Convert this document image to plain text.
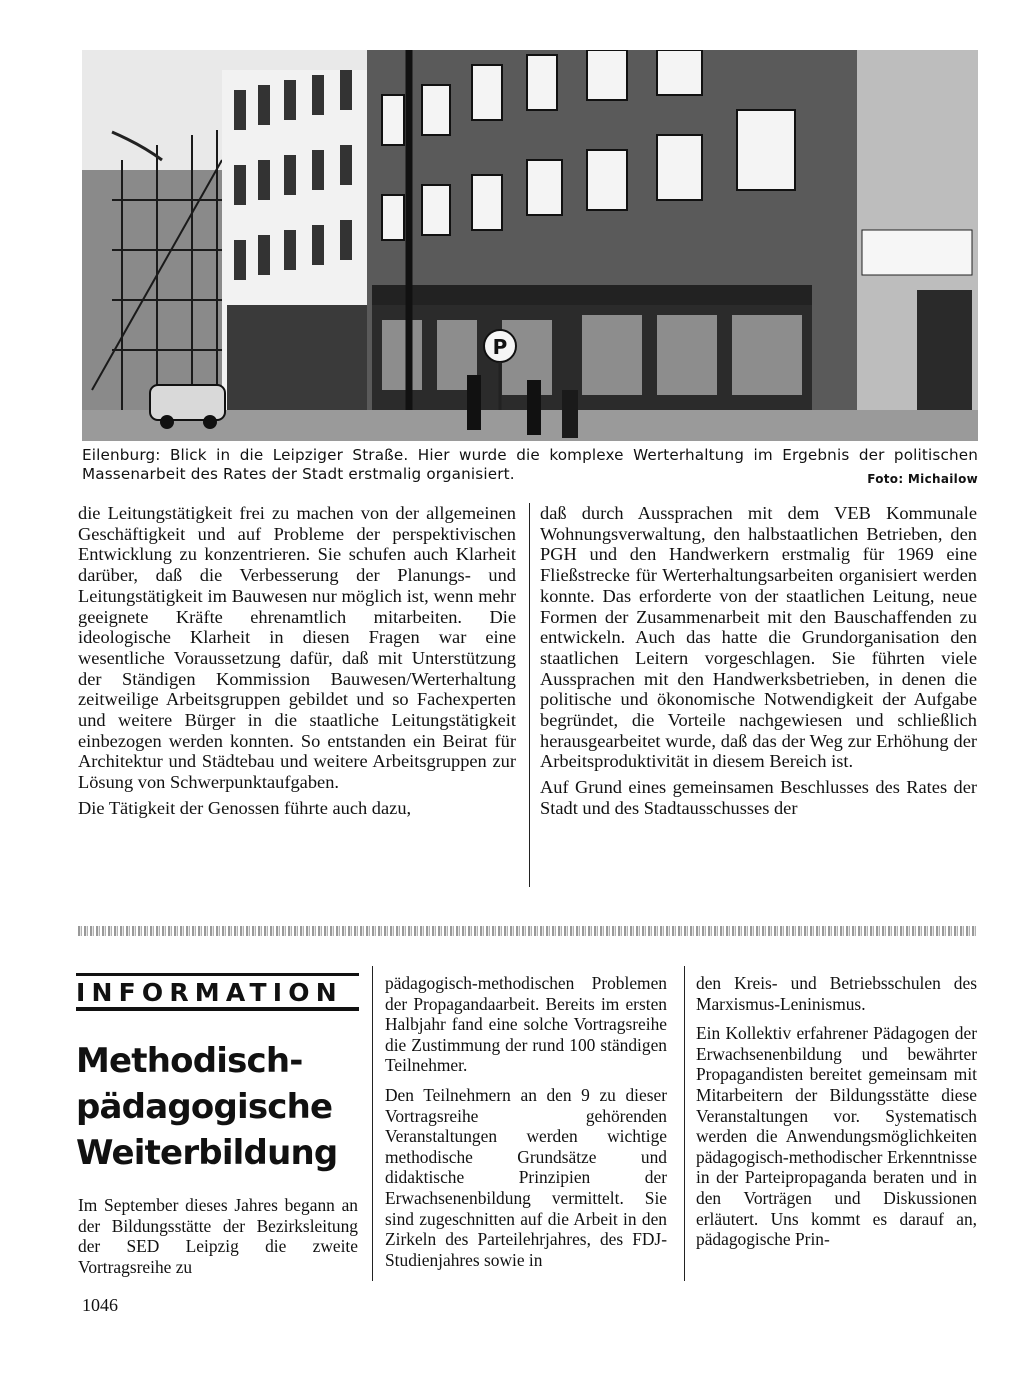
P

Eilenburg: Blick in die Leipziger Straße. Hier wurde die komplexe Werterhaltung im Ergebnis der politischen Massenarbeit des Rates der Stadt erstmalig organisiert.	Foto: Michailow

die Leitungstätigkeit frei zu machen von der allgemeinen Geschäftigkeit und auf Probleme der perspektivischen Entwicklung zu konzentrieren. Sie schufen auch Klarheit darüber, daß die Verbesserung der Planungs- und Leitungstätigkeit im Bauwesen nur möglich ist, wenn mehr geeignete Kräfte ehrenamtlich mitarbeiten. Die ideologische Klarheit in diesen Fragen war eine wesentliche Voraussetzung dafür, daß mit Unterstützung der Ständigen Kommission Bauwesen/Werterhaltung zeitweilige Arbeitsgruppen gebildet und so Fachexperten und weitere Bürger in die staatliche Leitungstätigkeit einbezogen werden konnten. So entstanden ein Beirat für Architektur und Städtebau und weitere Arbeitsgruppen zur Lösung von Schwerpunktaufgaben.

Die Tätigkeit der Genossen führte auch dazu,

daß durch Aussprachen mit dem VEB Kommunale Wohnungsverwaltung, den halbstaatlichen Betrieben, den PGH und den Handwerkern erstmalig für 1969 eine Fließstrecke für Werterhaltungsarbeiten organisiert werden konnte. Das erforderte von der staatlichen Leitung, neue Formen der Zusammenarbeit mit den Bauschaffenden zu entwickeln. Auch das hatte die Grundorganisation den staatlichen Leitern vorgeschlagen. Sie führten viele Aussprachen mit den Handwerksbetrieben, in denen die politische und ökonomische Notwendigkeit der Aufgabe begründet, die Vorteile nachgewiesen und schließlich herausgearbeitet wurde, daß das der Weg zur Erhöhung der Arbeitsproduktivität in diesem Bereich ist.

Auf Grund eines gemeinsamen Beschlusses des Rates der Stadt und des Stadtausschusses der

INFORMATION
Methodisch-
pädagogische
Weiterbildung

Im September dieses Jahres begann an der Bildungsstätte der Bezirksleitung der SED Leipzig die zweite Vortragsreihe zu

pädagogisch-methodischen Problemen der Propagandaarbeit. Bereits im ersten Halbjahr fand eine solche Vortragsreihe die Zustimmung der rund 100 ständigen Teilnehmer.

Den Teilnehmern an den 9 zu dieser Vortragsreihe gehörenden Veranstaltungen werden wichtige methodische Grundsätze und didaktische Prinzipien der Erwachsenenbildung vermittelt. Sie sind zugeschnitten auf die Arbeit in den Zirkeln des Parteilehrjahres, des FDJ-Studienjahres sowie in

den Kreis- und Betriebsschulen des Marxismus-Leninismus.

Ein Kollektiv erfahrener Pädagogen der Erwachsenenbildung und bewährter Propagandisten bereitet gemeinsam mit Mitarbeitern der Bildungsstätte diese Veranstaltungen vor. Systematisch werden die Anwendungsmöglichkeiten pädagogisch-methodischer Erkenntnisse in der Parteipropaganda beraten und in den Vorträgen und Diskussionen erläutert. Uns kommt es darauf an, pädagogische Prin-

1046
